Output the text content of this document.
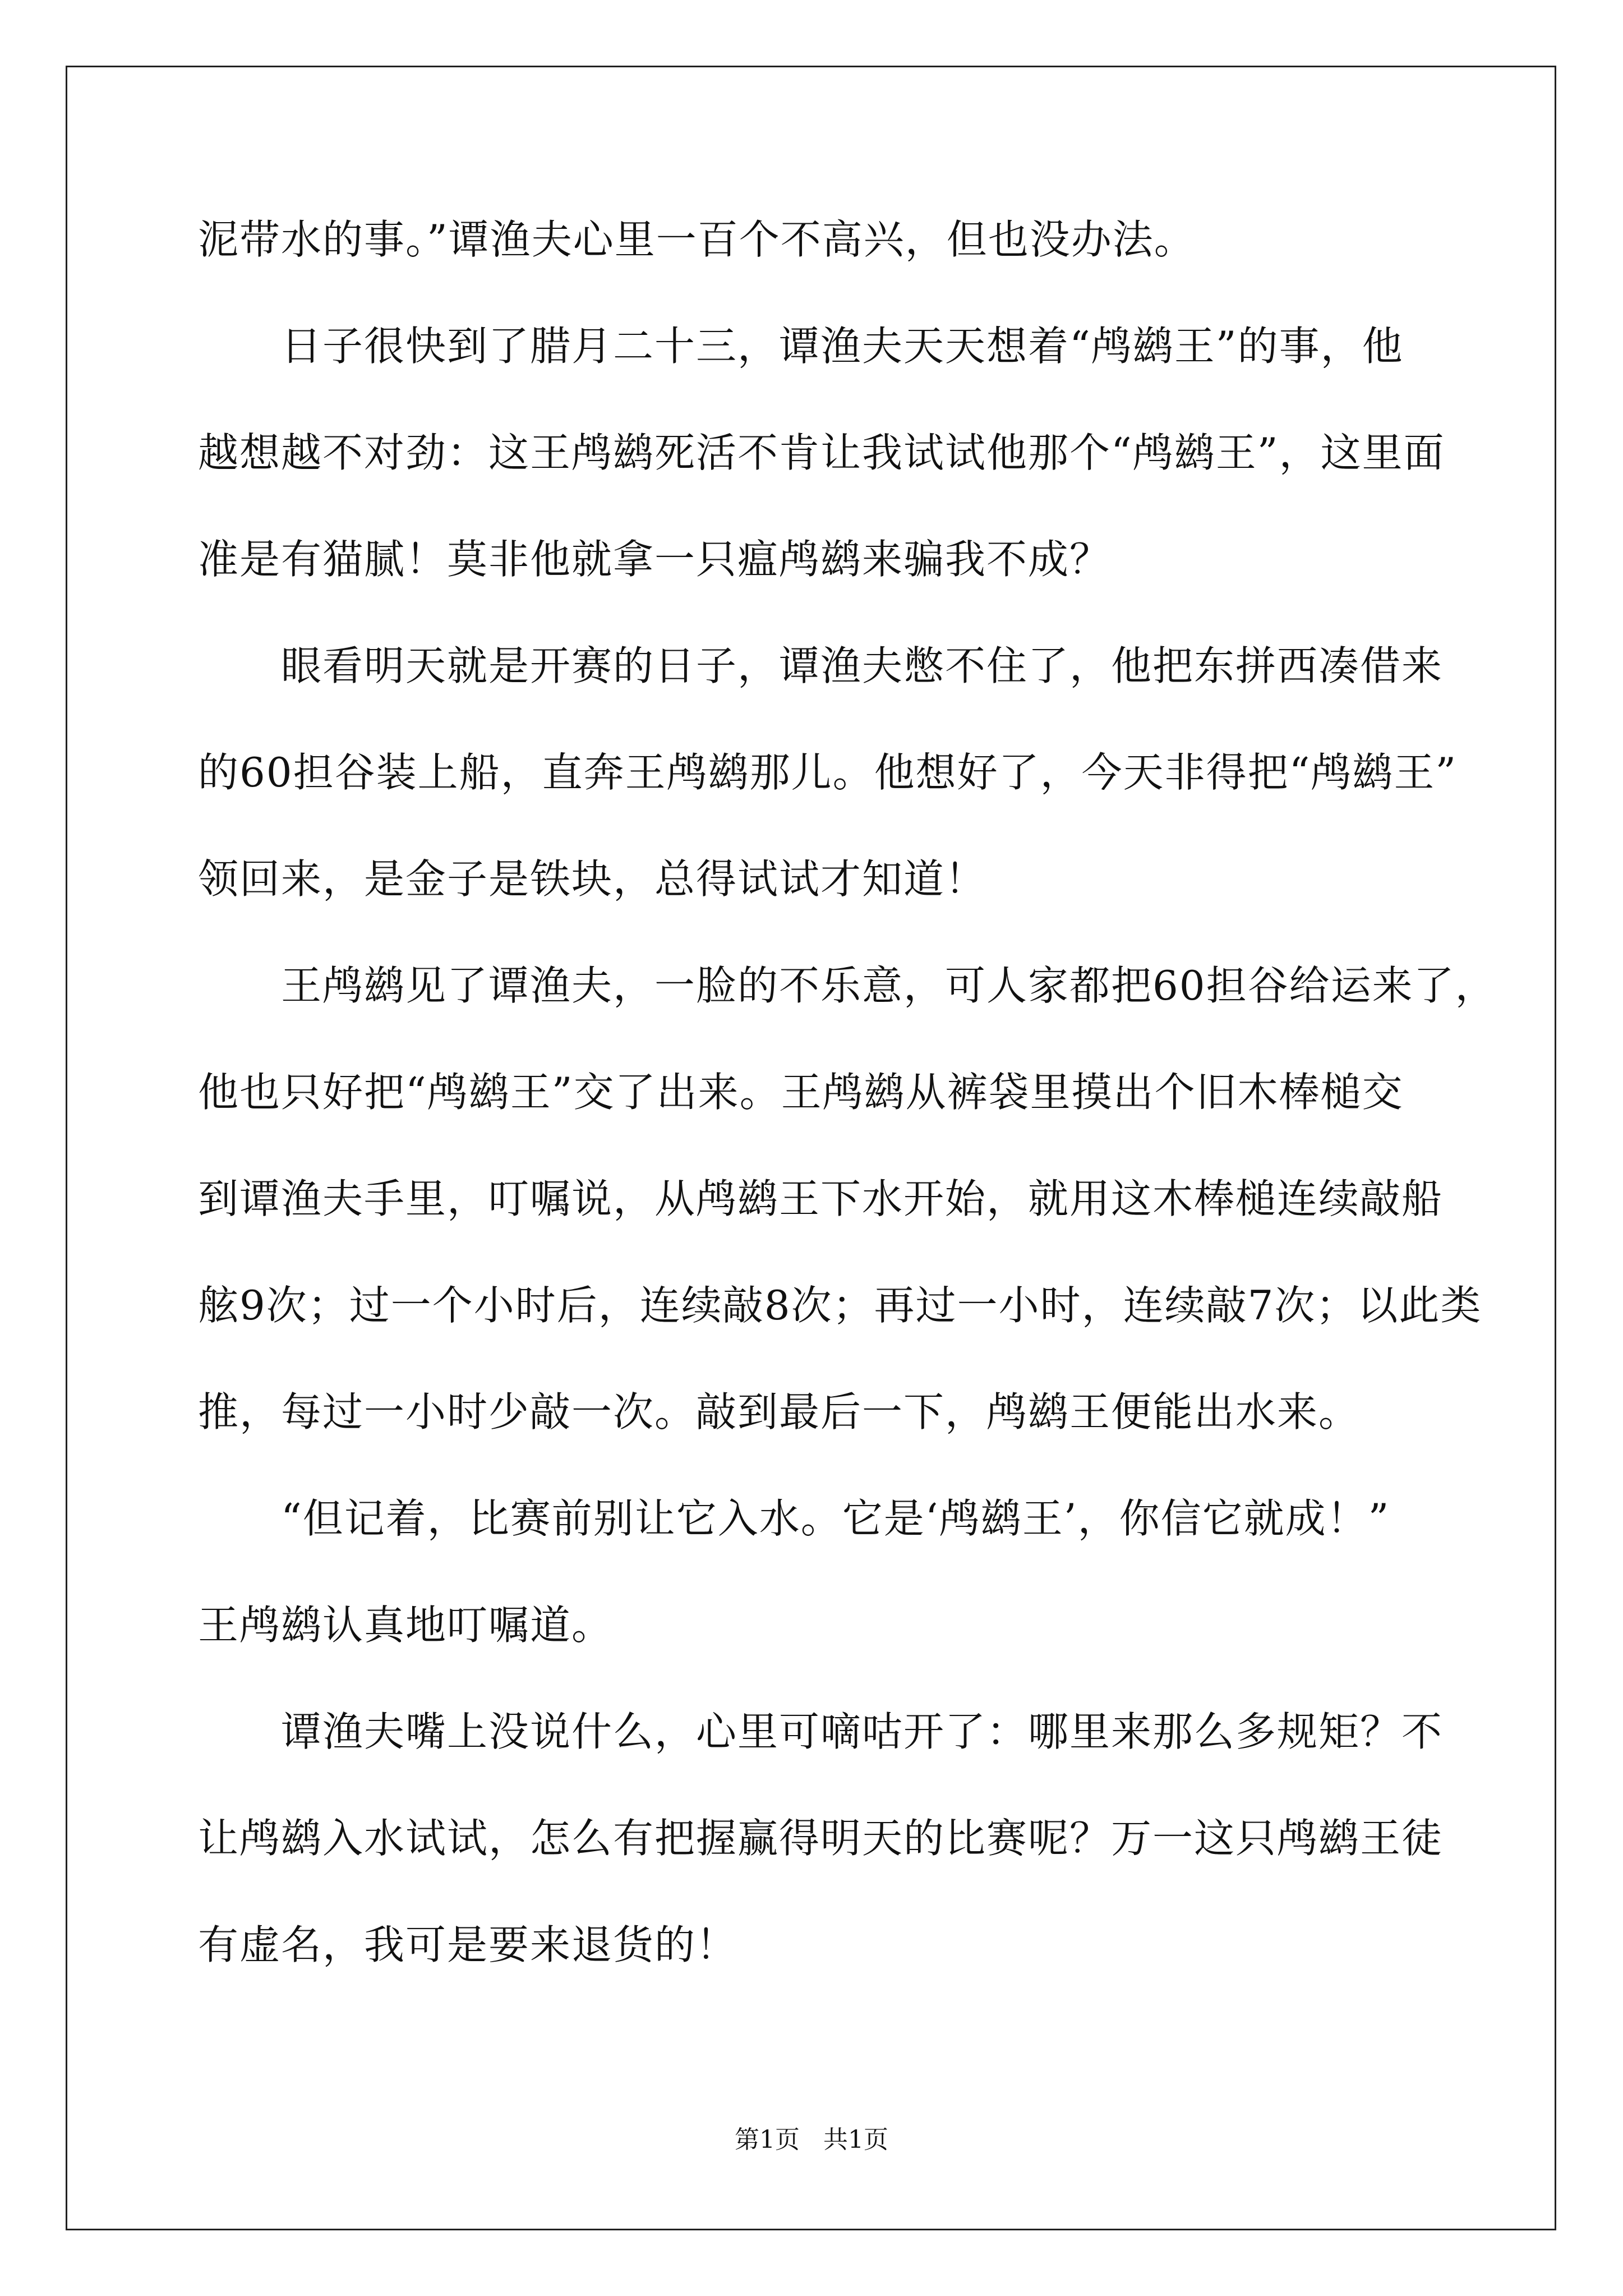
泥带水的事。”谭渔夫心里一百个不高兴，但也没办法。
日子很快到了腊月二十三，谭渔夫天天想着“鸬鹚王”的事，他
越想越不对劲：这王鸬鹚死活不肯让我试试他那个“鸬鹚王”，这里面
准是有猫腻！莫非他就拿一只瘟鸬鹚来骗我不成？
眼看明天就是开赛的日子，谭渔夫憋不住了，他把东拼西凑借来
的60担谷装上船，直奔王鸬鹚那儿。他想好了，今天非得把“鸬鹚王”
领回来，是金子是铁块，总得试试才知道！
王鸬鹚见了谭渔夫，一脸的不乐意，可人家都把60担谷给运来了，
他也只好把“鸬鹚王”交了出来。王鸬鹚从裤袋里摸出个旧木棒槌交
到谭渔夫手里，叮嘱说，从鸬鹚王下水开始，就用这木棒槌连续敲船
舷9次；过一个小时后，连续敲8次；再过一小时，连续敲7次；以此类
推，每过一小时少敲一次。敲到最后一下，鸬鹚王便能出水来。
“但记着，比赛前别让它入水。它是‘鸬鹚王’，你信它就成！”
王鸬鹚认真地叮嘱道。
谭渔夫嘴上没说什么，心里可嘀咕开了：哪里来那么多规矩？不
让鸬鹚入水试试，怎么有把握赢得明天的比赛呢？万一这只鸬鹚王徒
有虚名，我可是要来退货的！
第1页   共1页
